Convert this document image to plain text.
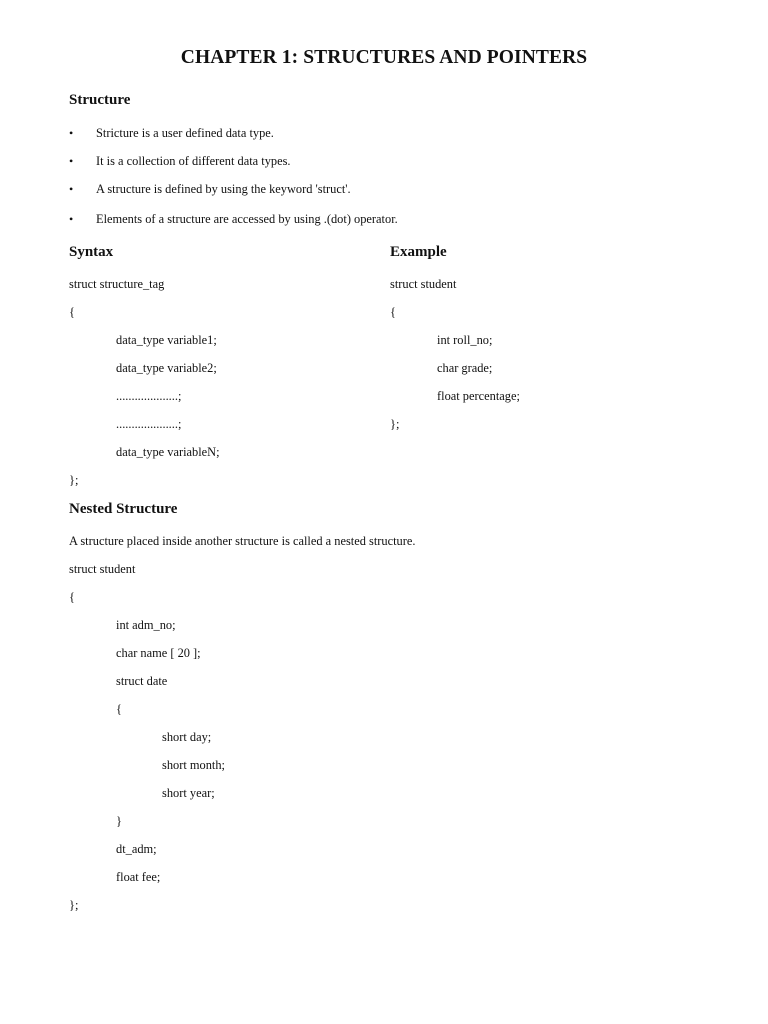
CHAPTER 1: STRUCTURES AND POINTERS
Structure
• Stricture is a user defined data type.
• It is a collection of different data types.
• A structure is defined by using the keyword 'struct'.
• Elements of a structure are accessed by using .(dot) operator.
Syntax
struct structure_tag
{
data_type variable1;
data_type variable2;
....................;
....................;
data_type variableN;
};
Example
struct student
{
int roll_no;
char grade;
float percentage;
};
Nested Structure
A structure placed inside another structure is called a nested structure.
struct student
{
int adm_no;
char name [ 20 ];
struct date
{
short day;
short month;
short year;
}
dt_adm;
float fee;
};
